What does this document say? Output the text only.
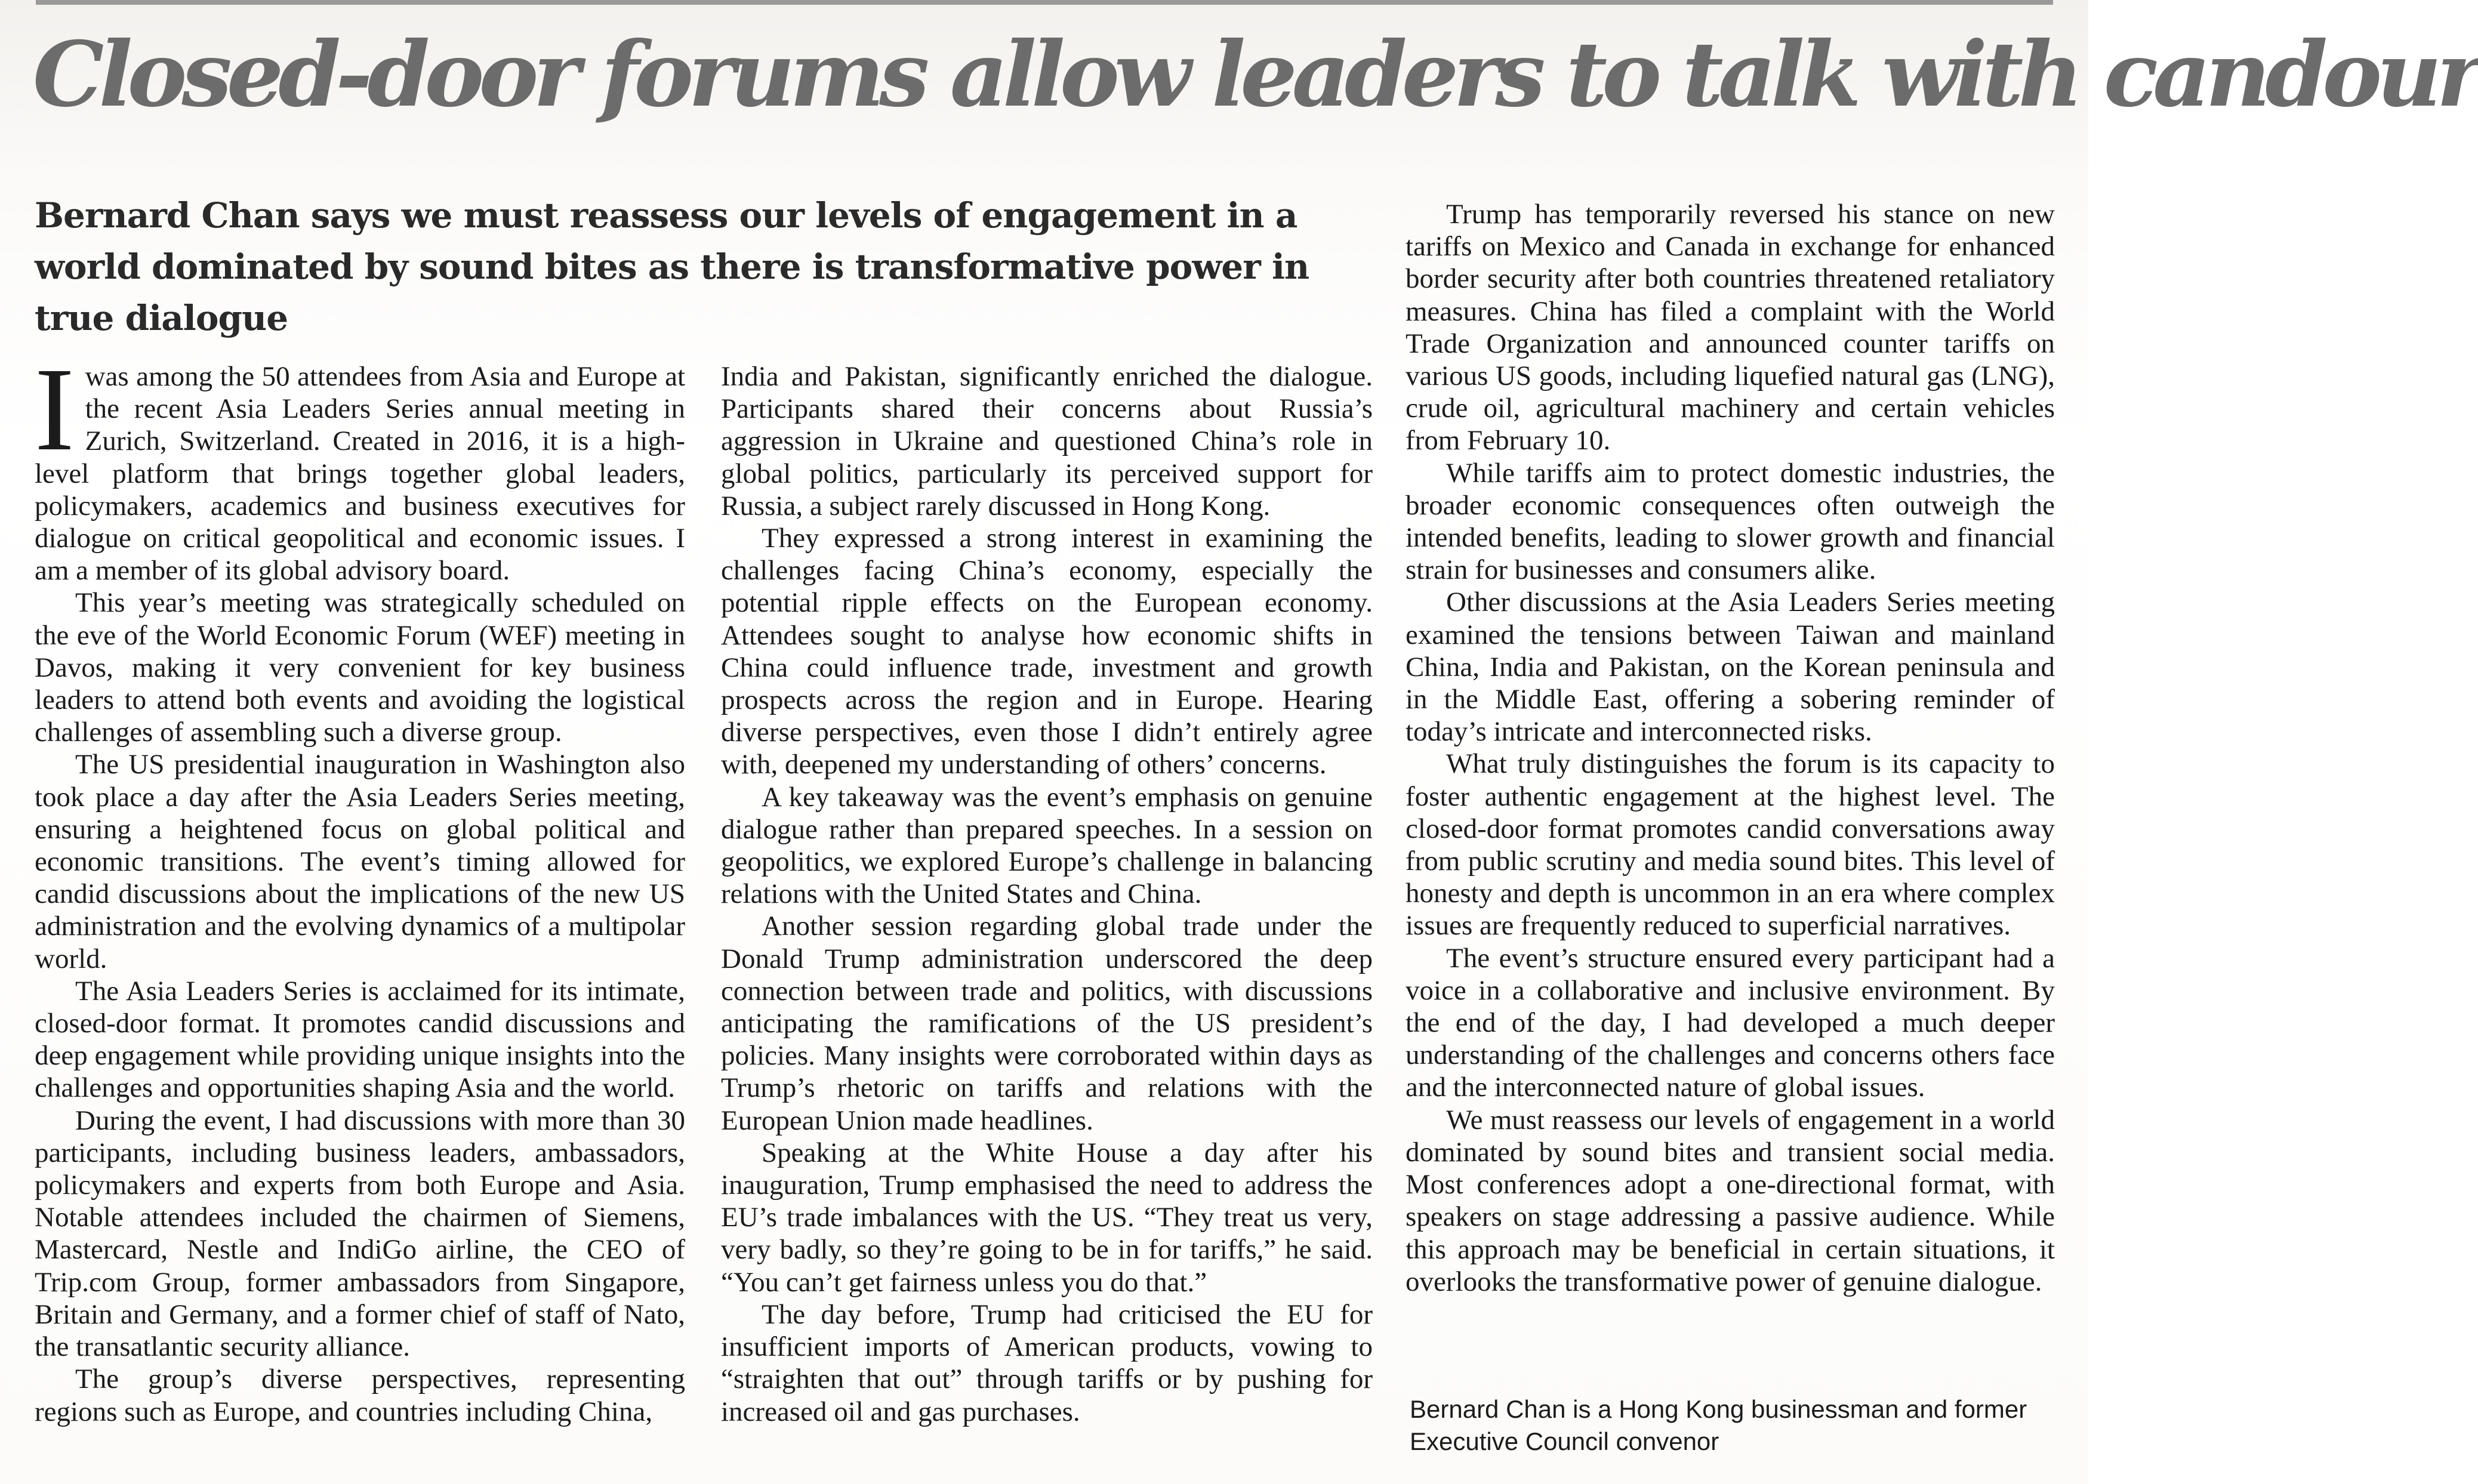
Closed-door forums allow leaders to talk with candour
Bernard Chan says we must reassess our levels of engagement in a world dominated by sound bites as there is transformative power in true dialogue

Iwas among the 50 attendees from Asia and Europe at the recent Asia Leaders Series annual meeting in Zurich, Switzerland. Created in 2016, it is a high-level platform that brings together global leaders, policymakers, academics and business executives for dialogue on critical geopolitical and economic issues. I am a member of its global advisory board.

This year’s meeting was strategically scheduled on the eve of the World Economic Forum (WEF) meeting in Davos, making it very convenient for key business leaders to attend both events and avoiding the logistical challenges of assembling such a diverse group.

The US presidential inauguration in Washington also took place a day after the Asia Leaders Series meeting, ensuring a heightened focus on global political and economic transitions. The event’s timing allowed for candid discussions about the implications of the new US administration and the evolving dynamics of a multipolar world.

The Asia Leaders Series is acclaimed for its intimate, closed-door format. It promotes candid discussions and deep engagement while providing unique insights into the challenges and opportunities shaping Asia and the world.

During the event, I had discussions with more than 30 participants, including business leaders, ambassadors, policymakers and experts from both Europe and Asia. Notable attendees included the chairmen of Siemens, Mastercard, Nestle and IndiGo airline, the CEO of Trip.com Group, former ambassadors from Singapore, Britain and Germany, and a former chief of staff of Nato, the transatlantic security alliance.

The group’s diverse perspectives, representing regions such as Europe, and countries including China,

India and Pakistan, significantly enriched the dialogue. Participants shared their concerns about Russia’s aggression in Ukraine and questioned China’s role in global politics, particularly its perceived support for Russia, a subject rarely discussed in Hong Kong.

They expressed a strong interest in examining the challenges facing China’s economy, especially the potential ripple effects on the European economy. Attendees sought to analyse how economic shifts in China could influence trade, investment and growth prospects across the region and in Europe. Hearing diverse perspectives, even those I didn’t entirely agree with, deepened my understanding of others’ concerns.

A key takeaway was the event’s emphasis on genuine dialogue rather than prepared speeches. In a session on geopolitics, we explored Europe’s challenge in balancing relations with the United States and China.

Another session regarding global trade under the Donald Trump administration underscored the deep connection between trade and politics, with discussions anticipating the ramifications of the US president’s policies. Many insights were corroborated within days as Trump’s rhetoric on tariffs and relations with the European Union made headlines.

Speaking at the White House a day after his inauguration, Trump emphasised the need to address the EU’s trade imbalances with the US. “They treat us very, very badly, so they’re going to be in for tariffs,” he said. “You can’t get fairness unless you do that.”

The day before, Trump had criticised the EU for insufficient imports of American products, vowing to “straighten that out” through tariffs or by pushing for increased oil and gas purchases.

Trump has temporarily reversed his stance on new tariffs on Mexico and Canada in exchange for enhanced border security after both countries threatened retaliatory measures. China has filed a complaint with the World Trade Organization and announced counter tariffs on various US goods, including liquefied natural gas (LNG), crude oil, agricultural machinery and certain vehicles from February 10.

While tariffs aim to protect domestic industries, the broader economic consequences often outweigh the intended benefits, leading to slower growth and financial strain for businesses and consumers alike.

Other discussions at the Asia Leaders Series meeting examined the tensions between Taiwan and mainland China, India and Pakistan, on the Korean peninsula and in the Middle East, offering a sobering reminder of today’s intricate and interconnected risks.

What truly distinguishes the forum is its capacity to foster authentic engagement at the highest level. The closed-door format promotes candid conversations away from public scrutiny and media sound bites. This level of honesty and depth is uncommon in an era where complex issues are frequently reduced to superficial narratives.

The event’s structure ensured every participant had a voice in a collaborative and inclusive environment. By the end of the day, I had developed a much deeper understanding of the challenges and concerns others face and the interconnected nature of global issues.

We must reassess our levels of engagement in a world dominated by sound bites and transient social media. Most conferences adopt a one-directional format, with speakers on stage addressing a passive audience. While this approach may be beneficial in certain situations, it overlooks the transformative power of genuine dialogue.

Bernard Chan is a Hong Kong businessman and former Executive Council convenor
